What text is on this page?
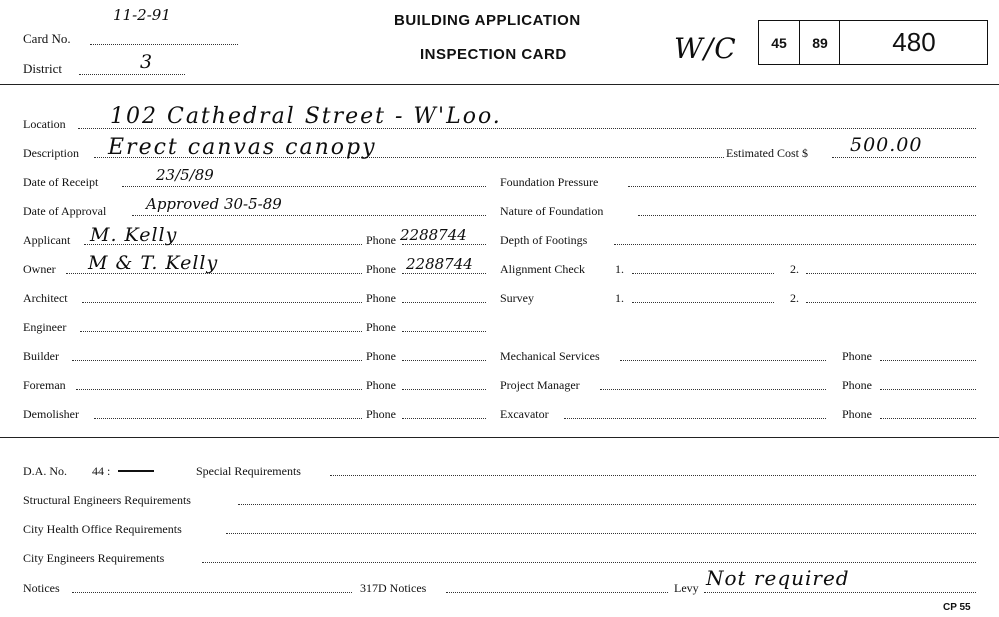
11-2-91
Card No.
District	3
BUILDING APPLICATION
INSPECTION CARD	W/C	45	89	480
Location 102 Cathedral Street - W'Loo.
Description Erect canvas canopy	Estimated Cost $ 500.00
Date of Receipt	23/5/89
Date of Approval	Approved 30-5-89
Applicant M. Kelly	Phone 2288744
Owner M & T. Kelly	Phone 2288744
Architect	Phone
Engineer	Phone
Builder	Phone
Foreman	Phone
Demolisher	Phone
Foundation Pressure
Nature of Foundation
Depth of Footings
Alignment Check	1.	2.
Survey	1.	2.
Mechanical Services	Phone
Project Manager	Phone
Excavator	Phone
D.A. No. 44 :	Special Requirements
Structural Engineers Requirements
City Health Office Requirements
City Engineers Requirements
Notices	317D Notices	Levy Not required
CP 55
